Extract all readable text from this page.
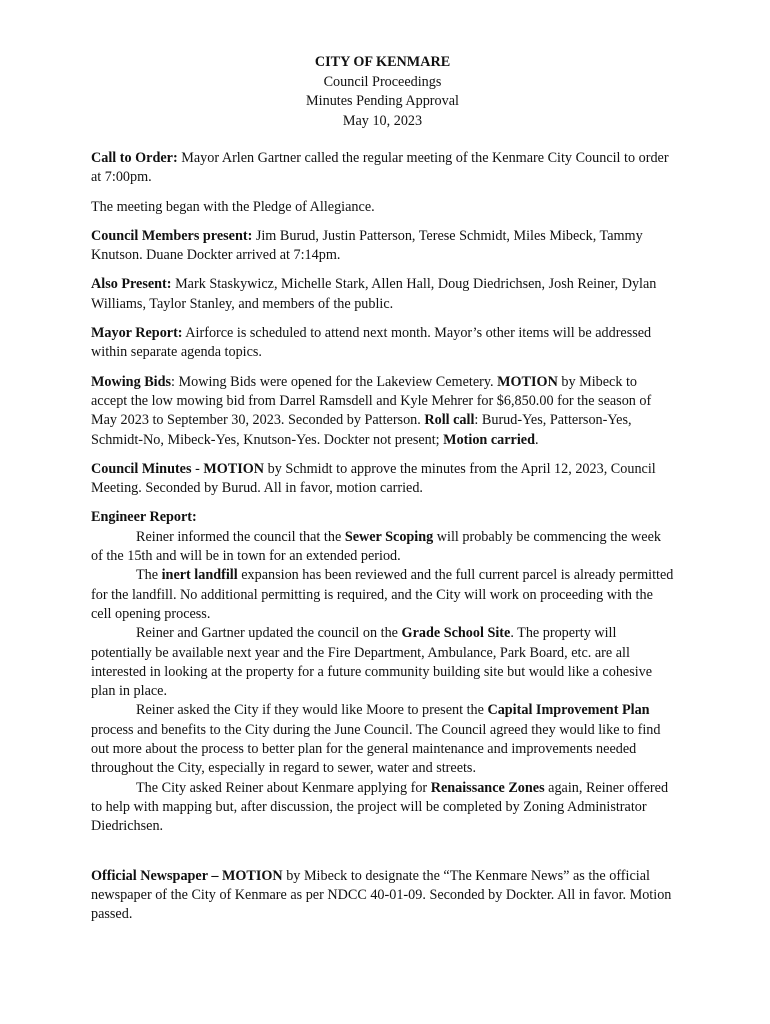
CITY OF KENMARE
Council Proceedings
Minutes Pending Approval
May 10, 2023

Call to Order: Mayor Arlen Gartner called the regular meeting of the Kenmare City Council to order at 7:00pm.

The meeting began with the Pledge of Allegiance.

Council Members present: Jim Burud, Justin Patterson, Terese Schmidt, Miles Mibeck, Tammy Knutson. Duane Dockter arrived at 7:14pm.

Also Present: Mark Staskywicz, Michelle Stark, Allen Hall, Doug Diedrichsen, Josh Reiner, Dylan Williams, Taylor Stanley, and members of the public.

Mayor Report: Airforce is scheduled to attend next month. Mayor’s other items will be addressed within separate agenda topics.

Mowing Bids: Mowing Bids were opened for the Lakeview Cemetery. MOTION by Mibeck to accept the low mowing bid from Darrel Ramsdell and Kyle Mehrer for $6,850.00 for the season of May 2023 to September 30, 2023. Seconded by Patterson. Roll call: Burud-Yes, Patterson-Yes, Schmidt-No, Mibeck-Yes, Knutson-Yes. Dockter not present; Motion carried.

Council Minutes - MOTION by Schmidt to approve the minutes from the April 12, 2023, Council Meeting. Seconded by Burud. All in favor, motion carried.

Engineer Report:

Reiner informed the council that the Sewer Scoping will probably be commencing the week of the 15th and will be in town for an extended period.

The inert landfill expansion has been reviewed and the full current parcel is already permitted for the landfill. No additional permitting is required, and the City will work on proceeding with the cell opening process.

Reiner and Gartner updated the council on the Grade School Site. The property will potentially be available next year and the Fire Department, Ambulance, Park Board, etc. are all interested in looking at the property for a future community building site but would like a cohesive plan in place.

Reiner asked the City if they would like Moore to present the Capital Improvement Plan process and benefits to the City during the June Council. The Council agreed they would like to find out more about the process to better plan for the general maintenance and improvements needed throughout the City, especially in regard to sewer, water and streets.

The City asked Reiner about Kenmare applying for Renaissance Zones again, Reiner offered to help with mapping but, after discussion, the project will be completed by Zoning Administrator Diedrichsen.

Official Newspaper – MOTION by Mibeck to designate the “The Kenmare News” as the official newspaper of the City of Kenmare as per NDCC 40-01-09. Seconded by Dockter. All in favor. Motion passed.
